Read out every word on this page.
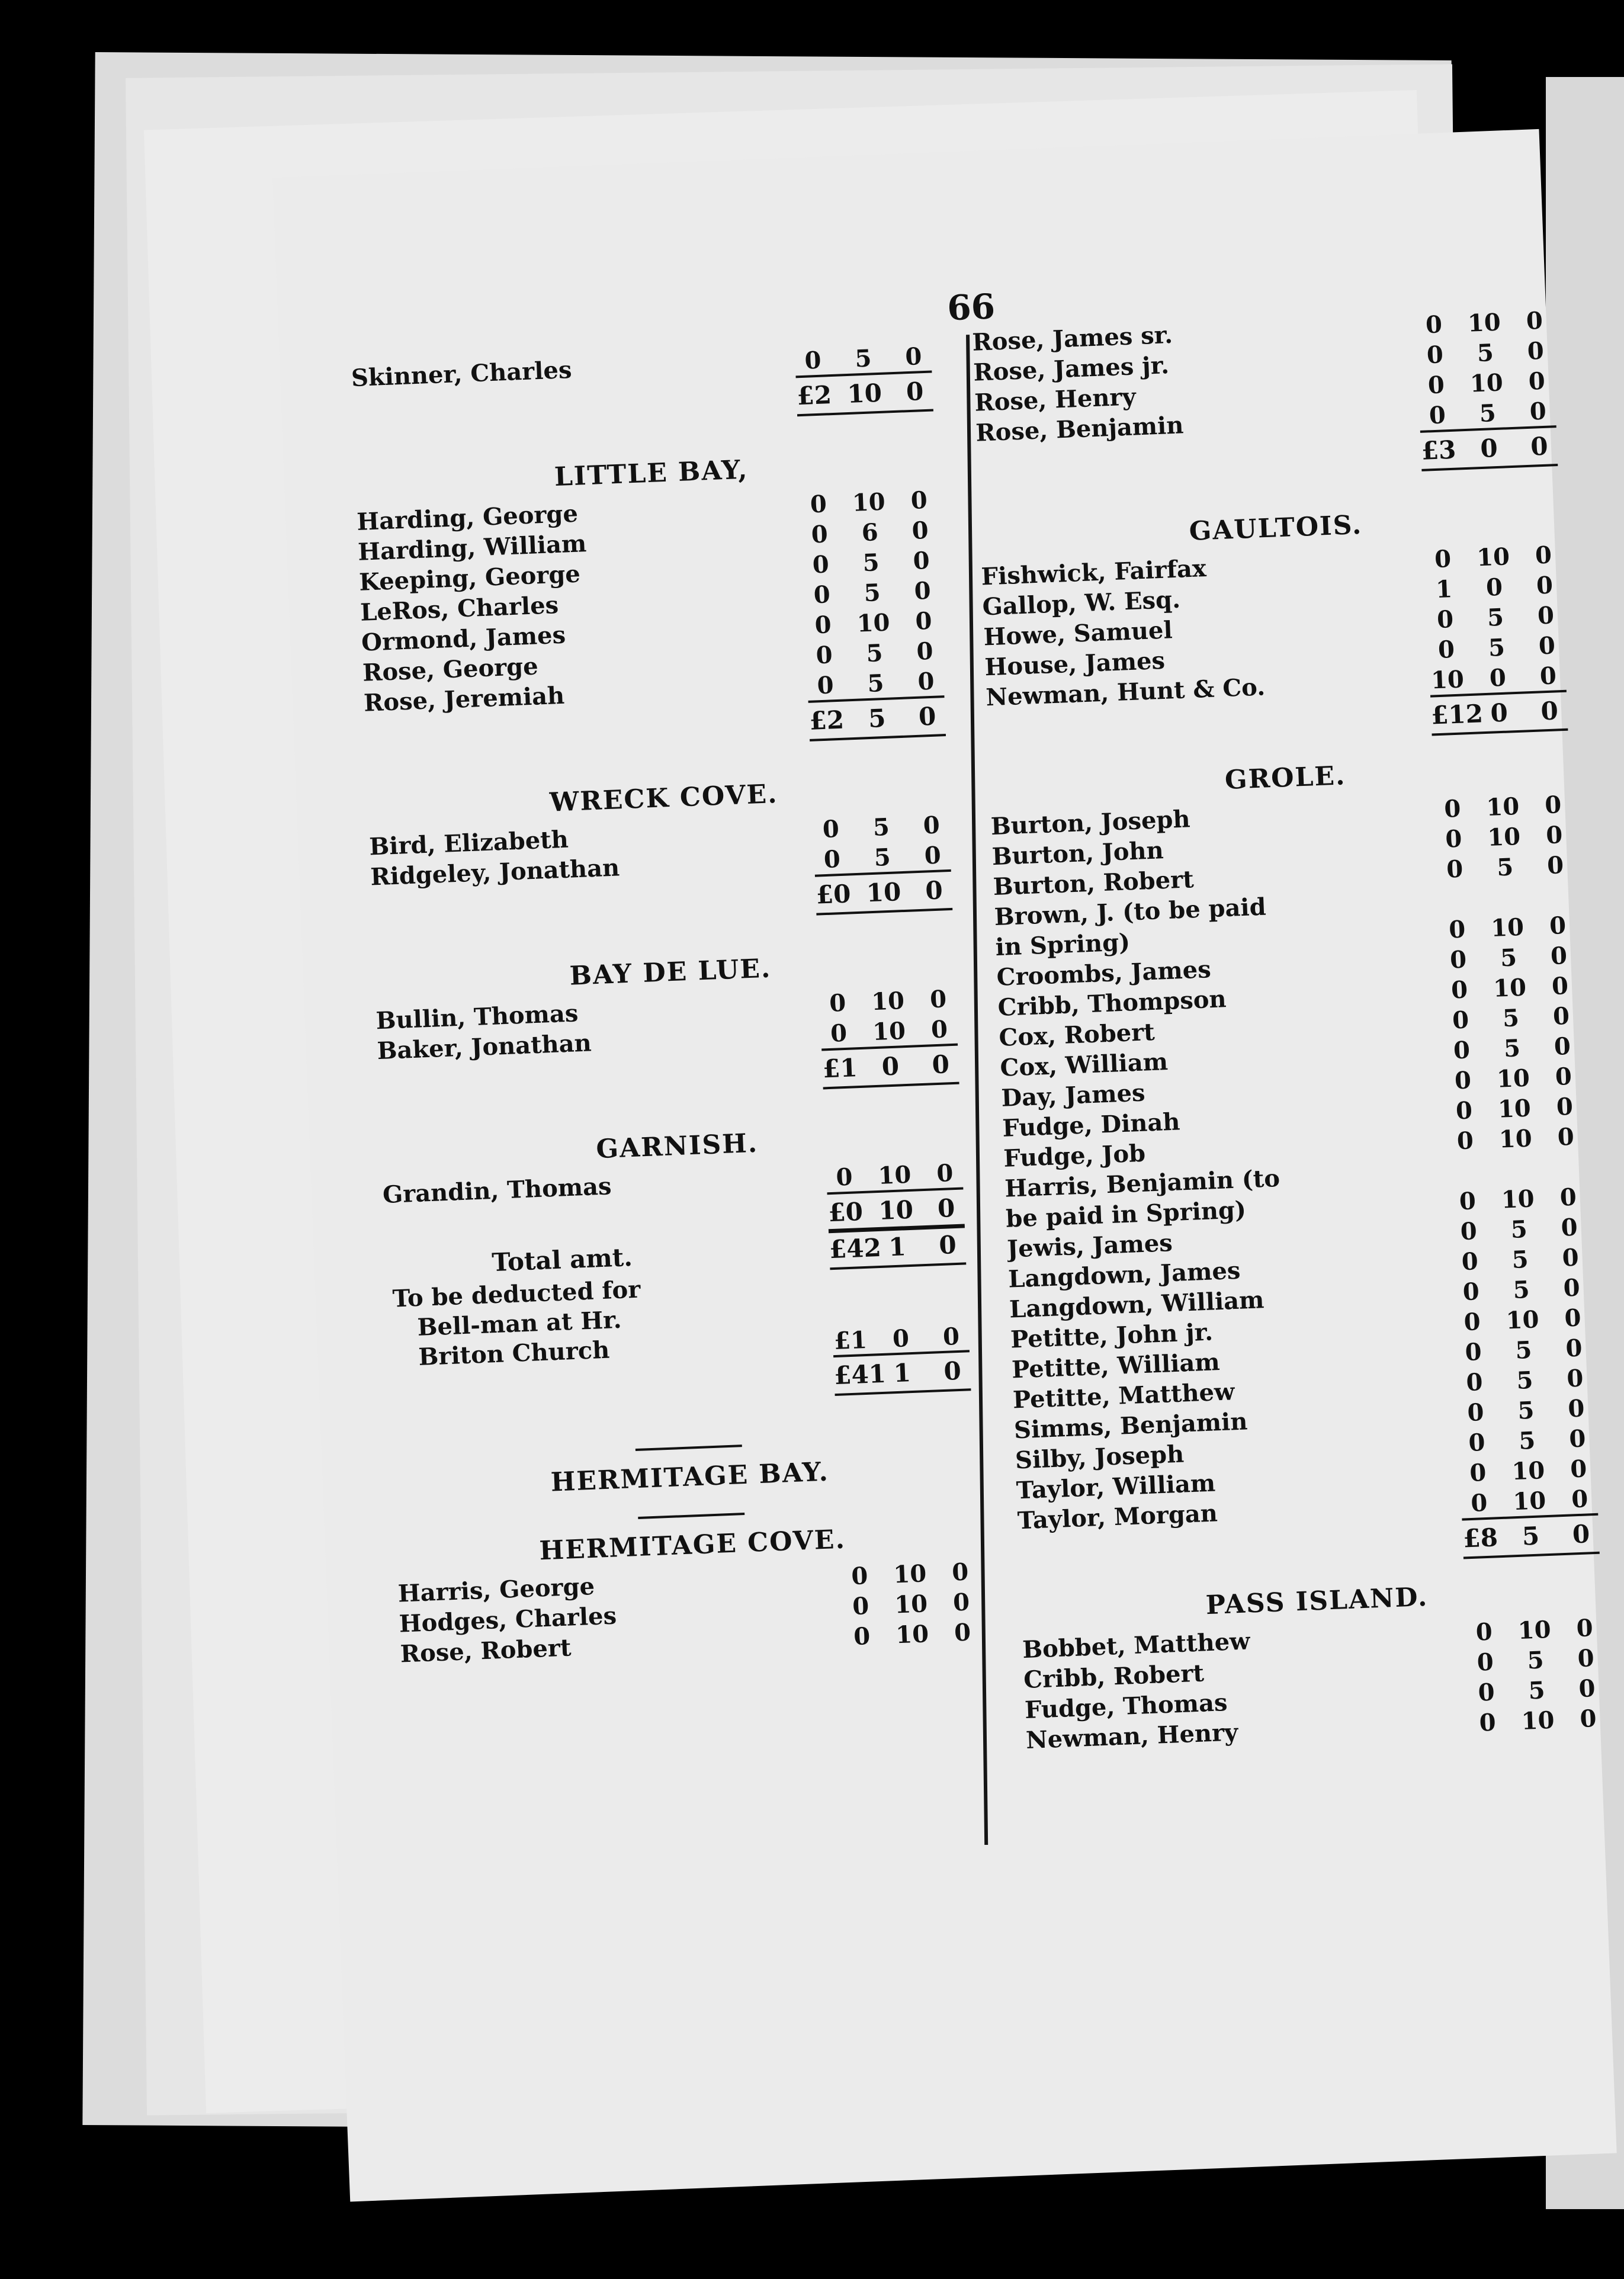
66
Skinner, Charles	0	5	0
£2 10 0
LITTLE BAY,
Harding, George	0	10	0
Harding, William	0	6	0
Keeping, George	0	5	0
LeRos, Charles	0	5	0
Ormond, James	0	10	0
Rose, George	0	5	0
Rose, Jeremiah	0	5	0
£2 5	0
WRECK COVE.
Bird, Elizabeth	0	5	0
Ridgeley, Jonathan	0	5	0
£0 10 0
BAY DE LUE.
Bullin, Thomas	0	10	0
Baker, Jonathan	0	10	0
£1 0	0
GARNISH.
Grandin, Thomas	0	10	0
£0 10 0
Total amt.	£42 1	0
To be deducted for
Bell-man at Hr.
Briton Church	£1	0	0
£41 1	0
HERMITAGE BAY.
HERMITAGE COVE.
Harris, George	0	10	0
Hodges, Charles	0	10	0
Rose, Robert	0	10	0
Rose, James sr.	0	10	0
Rose, James jr.	0	5	0
Rose, Henry	0	10	0
Rose, Benjamin	0	5	0
£3 0	0
GAULTOIS.
Fishwick, Fairfax	0	10	0
Gallop, W. Esq.	1	0	0
Howe, Samuel	0	5	0
House, James	0	5	0
Newman, Hunt & Co.	10	0	0
£12 0	0
GROLE.
Burton, Joseph	0	10	0
Burton, John	0	10	0
Burton, Robert	0	5	0
Brown, J. (to be paid
in Spring)	0	10	0
Croombs, James	0	5	0
Cribb, Thompson	0	10	0
Cox, Robert	0	5	0
Cox, William	0	5	0
Day, James	0	10	0
Fudge, Dinah	0	10	0
Fudge, Job	0	10	0
Harris, Benjamin (to
be paid in Spring)	0	10	0
Jewis, James	0	5	0
Langdown, James	0	5	0
Langdown, William	0	5	0
Petitte, John jr.	0	10	0
Petitte, William	0	5	0
Petitte, Matthew	0	5	0
Simms, Benjamin	0	5	0
Silby, Joseph	0	5	0
Taylor, William	0	10	0
Taylor, Morgan	0	10	0
£8 5	0
PASS ISLAND.
Bobbet, Matthew	0	10	0
Cribb, Robert	0	5	0
Fudge, Thomas	0	5	0
Newman, Henry	0	10	0
